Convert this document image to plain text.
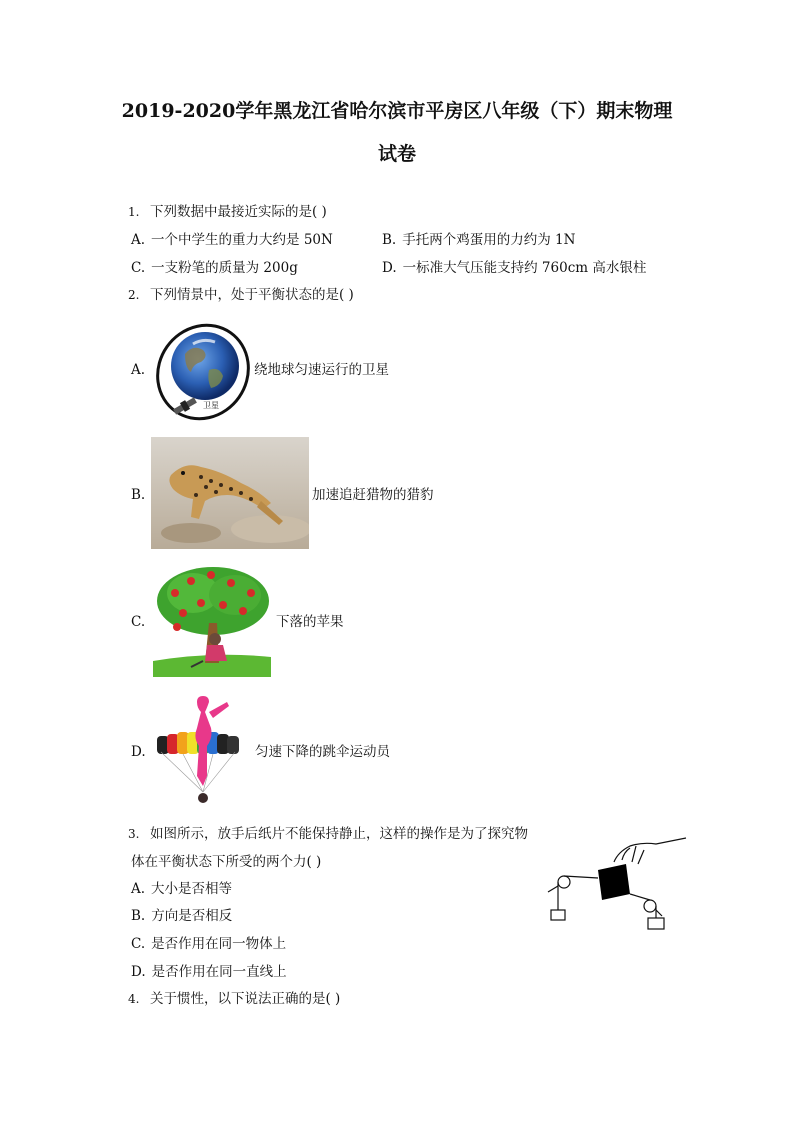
2019-2020学年黑龙江省哈尔滨市平房区八年级（下）期末物理
试卷
1. 下列数据中最接近实际的是( )
A. 一个中学生的重力大约是 50N	B. 手托两个鸡蛋用的力约为 1N
C. 一支粉笔的质量为 200g	D. 一标准大气压能支持约 760cm 高水银柱
2. 下列情景中，处于平衡状态的是( )
A.
卫星
绕地球匀速运行的卫星
B.	加速追赶猎物的猎豹
C.	下落的苹果
D.	匀速下降的跳伞运动员
3. 如图所示，放手后纸片不能保持静止，这样的操作是为了探究物
体在平衡状态下所受的两个力( )
A. 大小是否相等
B. 方向是否相反
C. 是否作用在同一物体上
D. 是否作用在同一直线上
4. 关于惯性，以下说法正确的是( )
